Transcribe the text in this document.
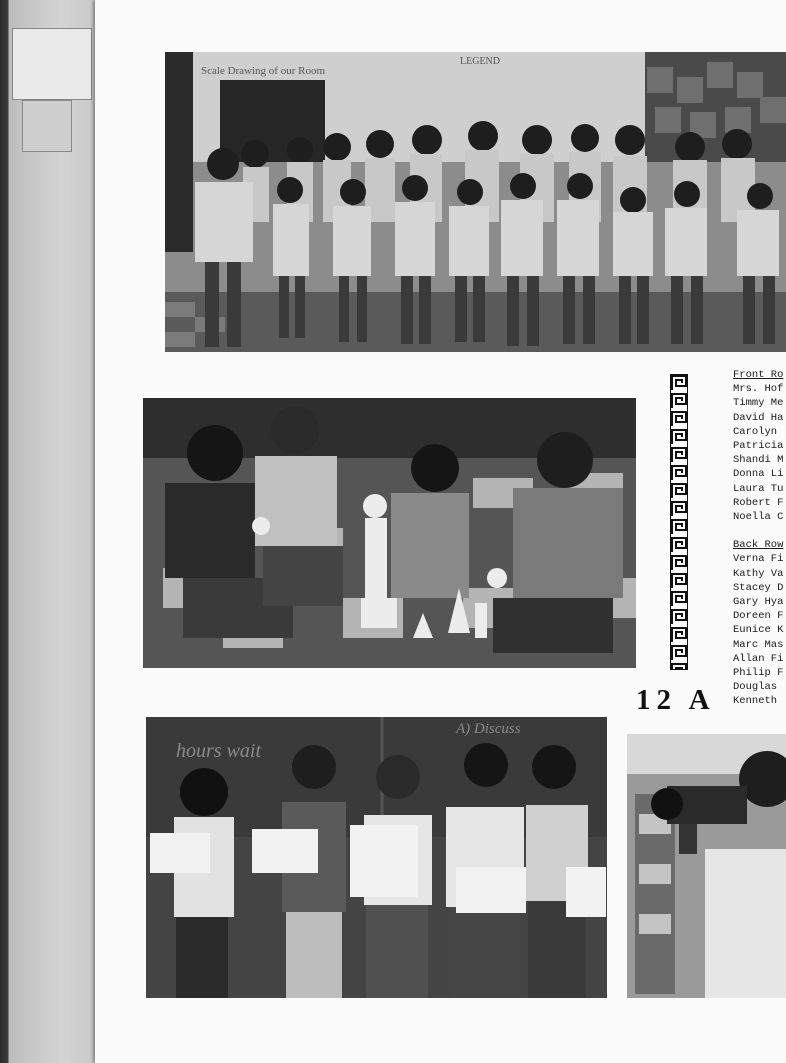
Scale Drawing of our Room
LEGEND
Front Ro
Mrs. Hof
Timmy Me
David Ha
Carolyn
Patricia
Shandi M
Donna Li
Laura Tu
Robert F
Noella C
Back Row
Verna Fi
Kathy Va
Stacey D
Gary Hya
Doreen F
Eunice K
Marc Mas
Allan Fi
Philip F
Douglas
Kenneth
12 A
hours wait
A) Discuss
